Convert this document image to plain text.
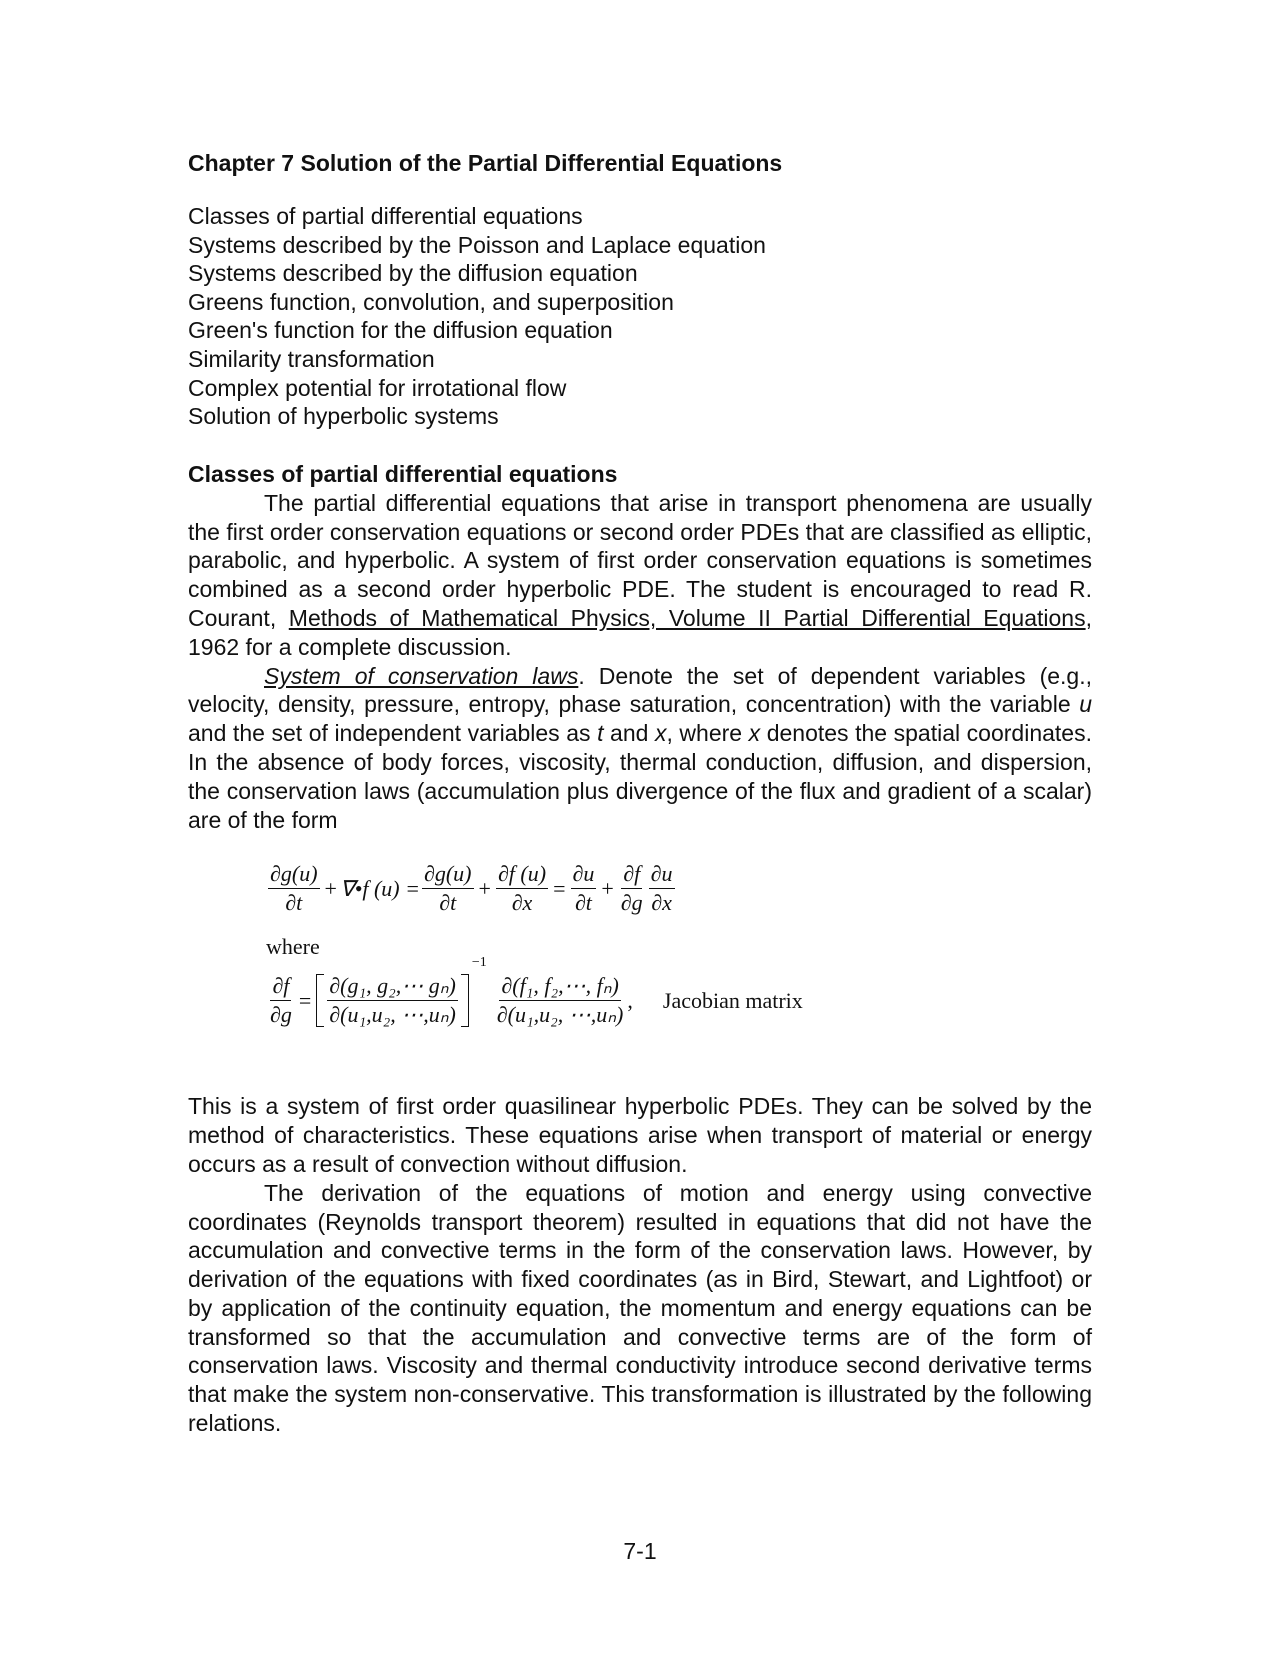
Chapter 7 Solution of the Partial Differential Equations
Classes of partial differential equations
Systems described by the Poisson and Laplace equation
Systems described by the diffusion equation
Greens function, convolution, and superposition
Green's function for the diffusion equation
Similarity transformation
Complex potential for irrotational flow
Solution of hyperbolic systems
Classes of partial differential equations

The partial differential equations that arise in transport phenomena are usually the first order conservation equations or second order PDEs that are classified as elliptic, parabolic, and hyperbolic. A system of first order conservation equations is sometimes combined as a second order hyperbolic PDE. The student is encouraged to read R. Courant, Methods of Mathematical Physics, Volume II Partial Differential Equations, 1962 for a complete discussion.

System of conservation laws. Denote the set of dependent variables (e.g., velocity, density, pressure, entropy, phase saturation, concentration) with the variable u and the set of independent variables as t and x, where x denotes the spatial coordinates. In the absence of body forces, viscosity, thermal conduction, diffusion, and dispersion, the conservation laws (accumulation plus divergence of the flux and gradient of a scalar) are of the form

$\frac{\partial g(u)}{\partial t}$ + ∇•f $(u) = \frac{\partial g(u)}{\partial t} + \frac{\partial f (u)}{\partial x} = \frac{\partial u}{\partial t} + \frac{\partial f}{\partial g} \frac{\partial u}{\partial x}$
where
$\frac{\partial f}{\partial g} = \frac{\text{∂(g₁, g₂,⋯ gₙ)}}{\text{∂(u₁,u₂, ⋯,uₙ)}}$
$^{-1}$
$\frac{\text{∂(f₁, f₂,⋯, fₙ)}}{\text{∂(u₁,u₂, ⋯,uₙ)}}$ , Jacobian matrix

This is a system of first order quasilinear hyperbolic PDEs. They can be solved by the method of characteristics. These equations arise when transport of material or energy occurs as a result of convection without diffusion.

The derivation of the equations of motion and energy using convective coordinates (Reynolds transport theorem) resulted in equations that did not have the accumulation and convective terms in the form of the conservation laws. However, by derivation of the equations with fixed coordinates (as in Bird, Stewart, and Lightfoot) or by application of the continuity equation, the momentum and energy equations can be transformed so that the accumulation and convective terms are of the form of conservation laws. Viscosity and thermal conductivity introduce second derivative terms that make the system non-conservative. This transformation is illustrated by the following relations.

7-1
